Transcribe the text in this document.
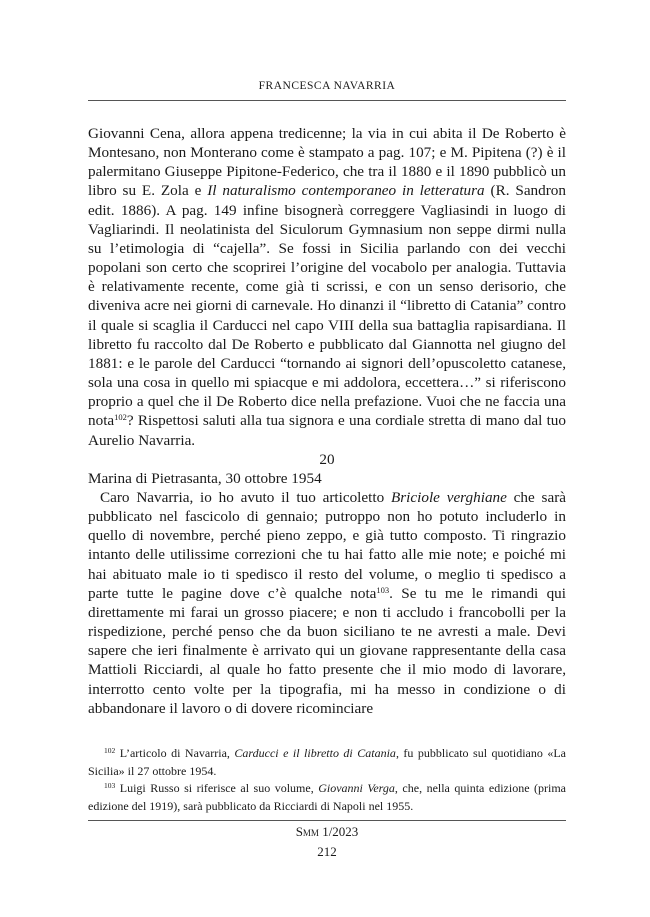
FRANCESCA NAVARRIA

Giovanni Cena, allora appena tredicenne; la via in cui abita il De Roberto è Montesano, non Monterano come è stampato a pag. 107; e M. Pipitena (?) è il palermitano Giuseppe Pipitone-Federico, che tra il 1880 e il 1890 pubblicò un libro su E. Zola e Il naturalismo contemporaneo in letteratura (R. Sandron edit. 1886). A pag. 149 infine bisognerà correggere Vagliasindi in luogo di Vagliarindi. Il neolatinista del Siculorum Gymnasium non seppe dirmi nulla su l’etimologia di “cajella”. Se fossi in Sicilia parlando con dei vecchi popolani son certo che scoprirei l’origine del vocabolo per analogia. Tuttavia è relativamente recente, come già ti scrissi, e con un senso derisorio, che diveniva acre nei giorni di carnevale. Ho dinanzi il “libretto di Catania” contro il quale si scaglia il Carducci nel capo VIII della sua battaglia rapisardiana. Il libretto fu raccolto dal De Roberto e pubblicato dal Giannotta nel giugno del 1881: e le parole del Carducci “tornando ai signori dell’opuscoletto catanese, sola una cosa in quello mi spiacque e mi addolora, eccettera…” si riferiscono proprio a quel che il De Roberto dice nella prefazione. Vuoi che ne faccia una nota$^{102}$? Rispettosi saluti alla tua signora e una cordiale stretta di mano dal tuo Aurelio Navarria.

20

Marina di Pietrasanta, 30 ottobre 1954

Caro Navarria, io ho avuto il tuo articoletto Briciole verghiane che sarà pubblicato nel fascicolo di gennaio; putroppo non ho potuto includerlo in quello di novembre, perché pieno zeppo, e già tutto composto. Ti ringrazio intanto delle utilissime correzioni che tu hai fatto alle mie note; e poiché mi hai abituato male io ti spedisco il resto del volume, o meglio ti spedisco a parte tutte le pagine dove c’è qualche nota$^{103}$. Se tu me le rimandi qui direttamente mi farai un grosso piacere; e non ti accludo i francobolli per la rispedizione, perché penso che da buon siciliano te ne avresti a male. Devi sapere che ieri finalmente è arrivato qui un giovane rappresentante della casa Mattioli Ricciardi, al quale ho fatto presente che il mio modo di lavorare, interrotto cento volte per la tipografia, mi ha messo in condizione o di abbandonare il lavoro o di dovere ricominciare

$^{102}$ L’articolo di Navarria, Carducci e il libretto di Catania, fu pubblicato sul quotidiano «La Sicilia» il 27 ottobre 1954.

$^{103}$ Luigi Russo si riferisce al suo volume, Giovanni Verga, che, nella quinta edizione (prima edizione del 1919), sarà pubblicato da Ricciardi di Napoli nel 1955.

Smm 1/2023
212
